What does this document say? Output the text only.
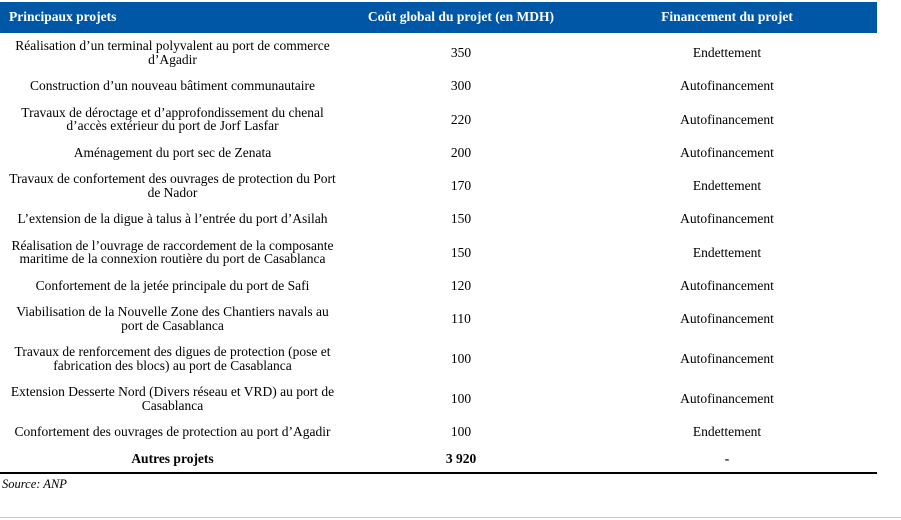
Principaux projets	Coût global du projet (en MDH)	Financement du projet
Réalisation d’un terminal polyvalent au port de commerce d’Agadir	350	Endettement
Construction d’un nouveau bâtiment communautaire	300	Autofinancement
Travaux de déroctage et d’approfondissement du chenal d’accès extérieur du port de Jorf Lasfar	220	Autofinancement
Aménagement du port sec de Zenata	200	Autofinancement
Travaux de confortement des ouvrages de protection du Port de Nador	170	Endettement
L’extension de la digue à talus à l’entrée du port d’Asilah	150	Autofinancement
Réalisation de l’ouvrage de raccordement de la composante maritime de la connexion routière du port de Casablanca	150	Endettement
Confortement de la jetée principale du port de Safi	120	Autofinancement
Viabilisation de la Nouvelle Zone des Chantiers navals au port de Casablanca	110	Autofinancement
Travaux de renforcement des digues de protection (pose et fabrication des blocs) au port de Casablanca	100	Autofinancement
Extension Desserte Nord (Divers réseau et VRD) au port de Casablanca	100	Autofinancement
Confortement des ouvrages de protection au port d’Agadir	100	Endettement
Autres projets	3 920	-
Source: ANP
